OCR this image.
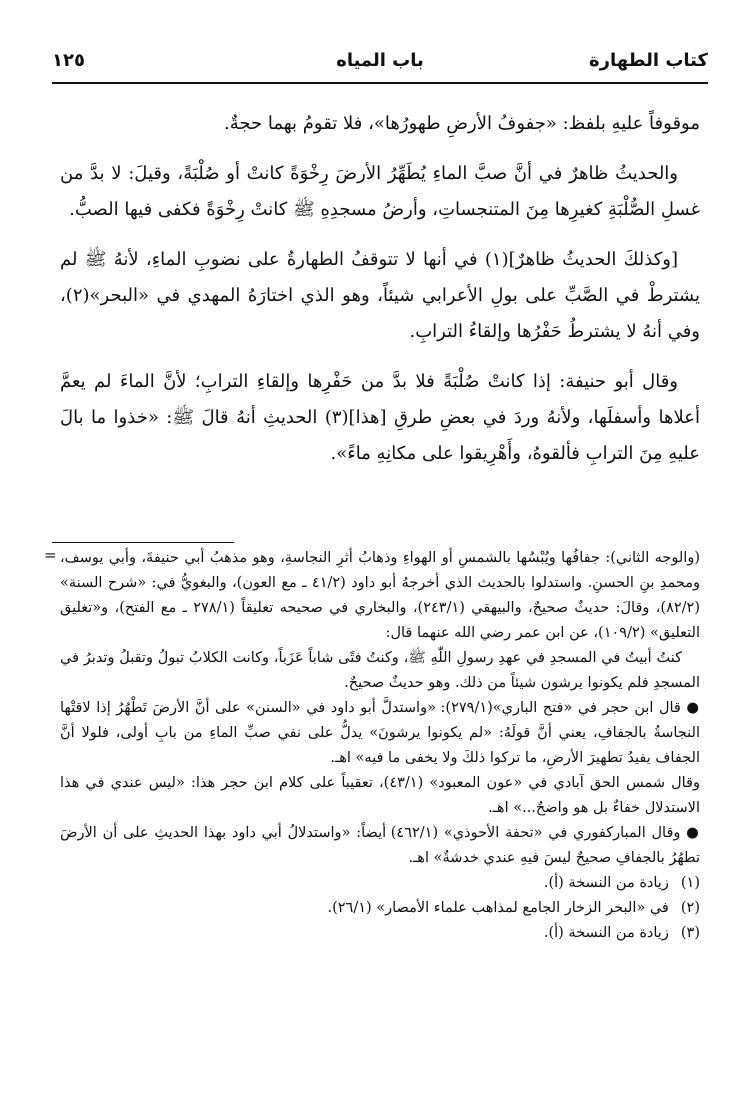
كتاب الطهارة
باب المياه
١٢٥

موقوفاً عليهِ بلفظ: «جفوفُ الأرضِ طهورُها»، فلا تقومُ بهما حجةٌ.

والحديثُ ظاهرٌ في أنَّ صبَّ الماءِ يُطَهِّرُ الأرضَ رِخْوَةً كانتْ أو صُلْبَةً، وقيلَ: لا بدَّ من غسلِ الصُّلْبَةِ كغيرِها مِنَ المتنجساتِ، وأرضُ مسجدِهِ ﷺ كانتْ رِخْوَةً فكفى فيها الصبُّ.

[وكذلكَ الحديثُ ظاهرٌ](١) في أنها لا تتوقفُ الطهارةُ على نضوبِ الماءِ، لأنهُ ﷺ لم يشترطْ في الصَّبِّ على بولِ الأعرابي شيئاً، وهو الذي اختارَهُ المهدي في «البحر»(٢)، وفي أنهُ لا يشترطُ حَفْرُها وإلقاءُ الترابِ.

وقال أبو حنيفة: إذا كانتْ صُلْبَةً فلا بدَّ من حَفْرِها وإلقاءِ الترابِ؛ لأنَّ الماءَ لم يعمَّ أعلاها وأسفلَها، ولأنهُ وردَ في بعضِ طرقِ [هذا](٣) الحديثِ أنهُ قالَ ﷺ: «خذوا ما بالَ عليهِ مِنَ الترابِ فألقوهُ، وأَهْرِيقوا على مكانِهِ ماءً».

= (والوجه الثاني): جفافُها ويُبْسُها بالشمسِ أو الهواءِ وذهابُ أثرِ النجاسةِ، وهو مذهبُ أبي حنيفةَ، وأبي يوسف، ومحمدِ بنِ الحسنِ. واستدلوا بالحديث الذي أخرجهُ أبو داود (٤١/٢ ـ مع العون)، والبغويُّ في: «شرح السنة» (٨٢/٢)، وقالَ: حديثٌ صحيحٌ، والبيهقي (٢٤٣/١)، والبخاري في صحيحه تعليقاً (٢٧٨/١ ـ مع الفتح)، و«تغليق التعليق» (١٠٩/٢)، عن ابن عمر رضي الله عنهما قال:

كنتُ أبيتُ في المسجدِ في عهدِ رسولِ اللّٰهِ ﷺ، وكنتُ فتًى شاباً عَزَباً، وكانت الكلابُ تبولُ وتقبلُ وتدبرُ في المسجدِ فلم يكونوا يرشون شيئاً من ذلك. وهو حديثٌ صحيحٌ.

● قال ابن حجر في «فتح الباري»(٢٧٩/١): «واستدلَّ أبو داود في «السنن» على أنَّ الأرضَ تَطْهُرُ إذا لاقتْها النجاسةُ بالجفافِ، يعني أنَّ قولَهُ: «لم يكونوا يرشونَ» يدلُّ على نفي صبِّ الماءِ من بابِ أولى، فلولا أنَّ الجفاف يفيدُ تطهيرَ الأرضِ، ما تركوا ذلكَ ولا يخفى ما فيه» اهـ.

وقال شمس الحق آبادي في «عون المعبود» (٤٣/١)، تعقيباً على كلام ابن حجر هذا: «ليس عندي في هذا الاستدلال خفاءٌ بل هو واضحٌ...» اهـ.

● وقال المباركفوري في «تحفة الأحوذي» (٤٦٢/١) أيضاً: «واستدلالُ أبي داود بهذا الحديثِ على أن الأرضَ تطهُرُ بالجفافِ صحيحٌ ليسَ فيهِ عندي خدشةٌ» اهـ.

(١)
زيادة من النسخة (أ).
(٢)
في «البحر الزخار الجامع لمذاهب علماء الأمصار» (٢٦/١).
(٣)
زيادة من النسخة (أ).
